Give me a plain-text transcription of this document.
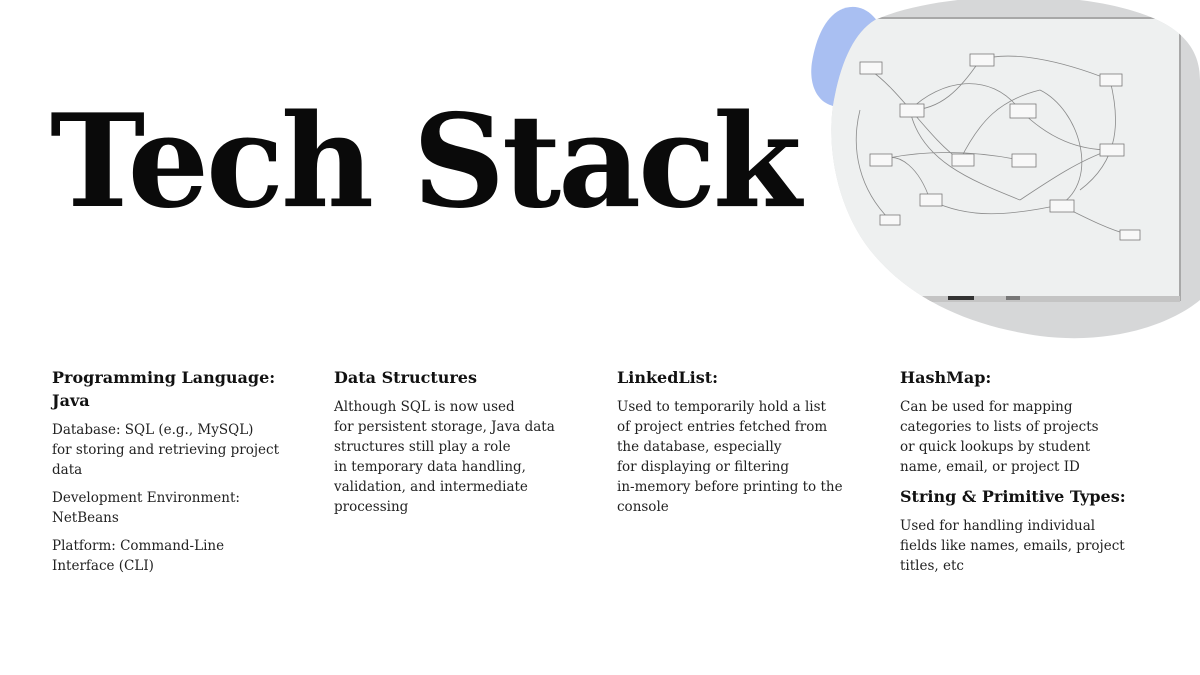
Tech Stack
Programming Language:
Java

Database: SQL (e.g., MySQL)
for storing and retrieving project data

Development Environment:
NetBeans

Platform: Command-Line
Interface (CLI)

Data Structures

Although SQL is now used
for persistent storage, Java data
structures still play a role
in temporary data handling,
validation, and intermediate
processing

LinkedList:

Used to temporarily hold a list
of project entries fetched from
the database, especially
for displaying or filtering
in-memory before printing to the
console

HashMap:

Can be used for mapping
categories to lists of projects
or quick lookups by student
name, email, or project ID

String & Primitive Types:

Used for handling individual
fields like names, emails, project
titles, etc
